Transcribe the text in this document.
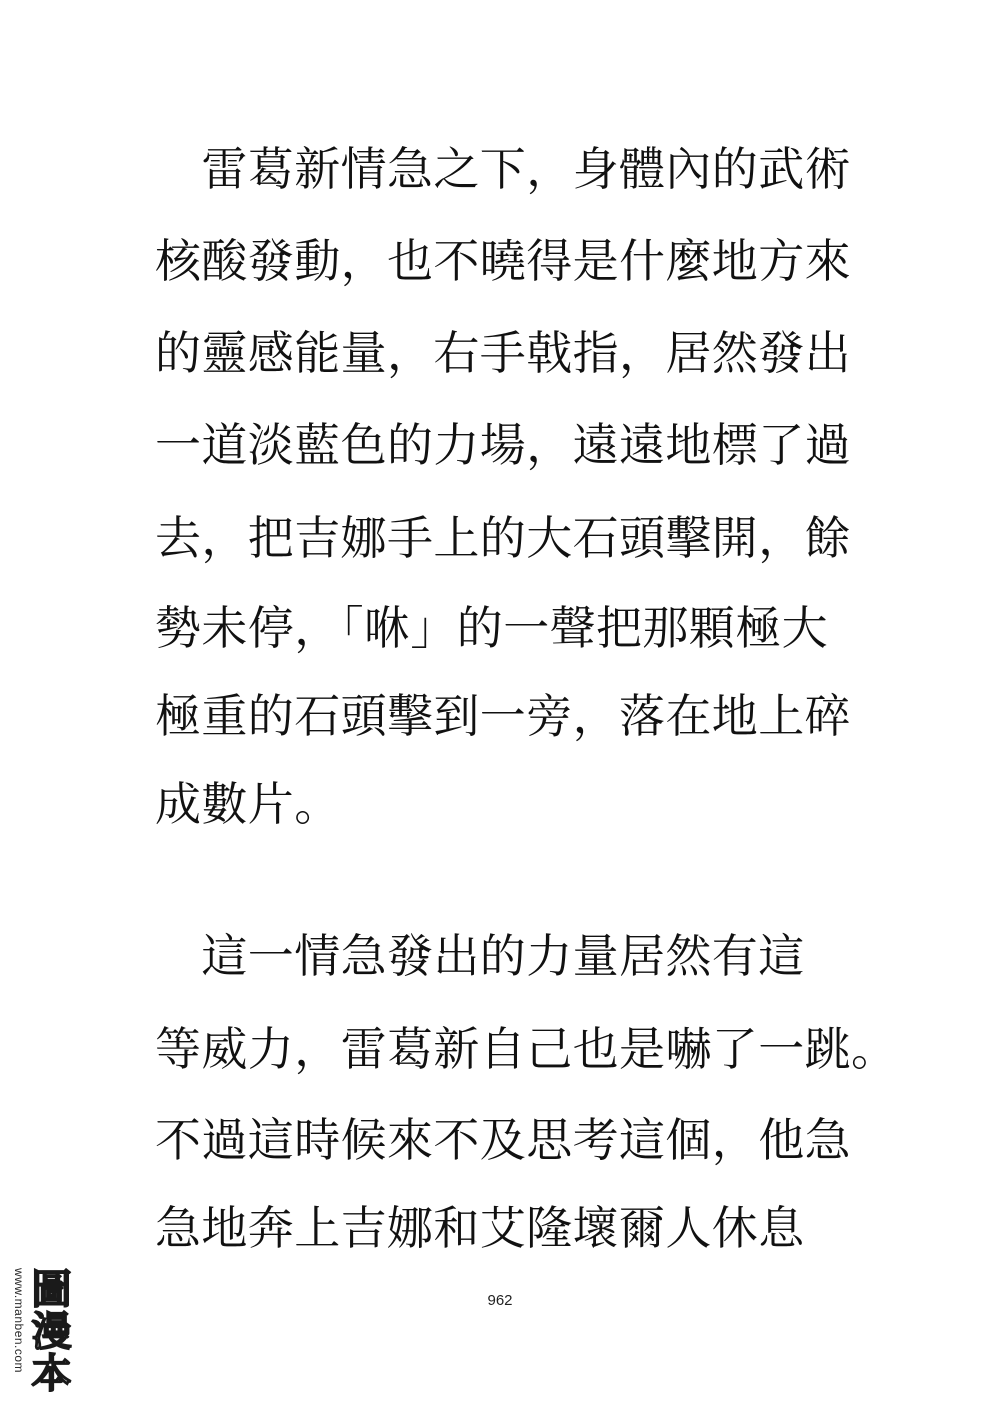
　雷葛新情急之下，身體內的武術
核酸發動，也不曉得是什麼地方來
的靈感能量，右手戟指，居然發出
一道淡藍色的力場，遠遠地標了過
去，把吉娜手上的大石頭擊開，餘
勢未停，「咻」的一聲把那顆極大
極重的石頭擊到一旁，落在地上碎
成數片。
　這一情急發出的力量居然有這
等威力，雷葛新自己也是嚇了一跳。
不過這時候來不及思考這個，他急
急地奔上吉娜和艾隆壞爾人休息
962
www.manben.com 圖漫本
